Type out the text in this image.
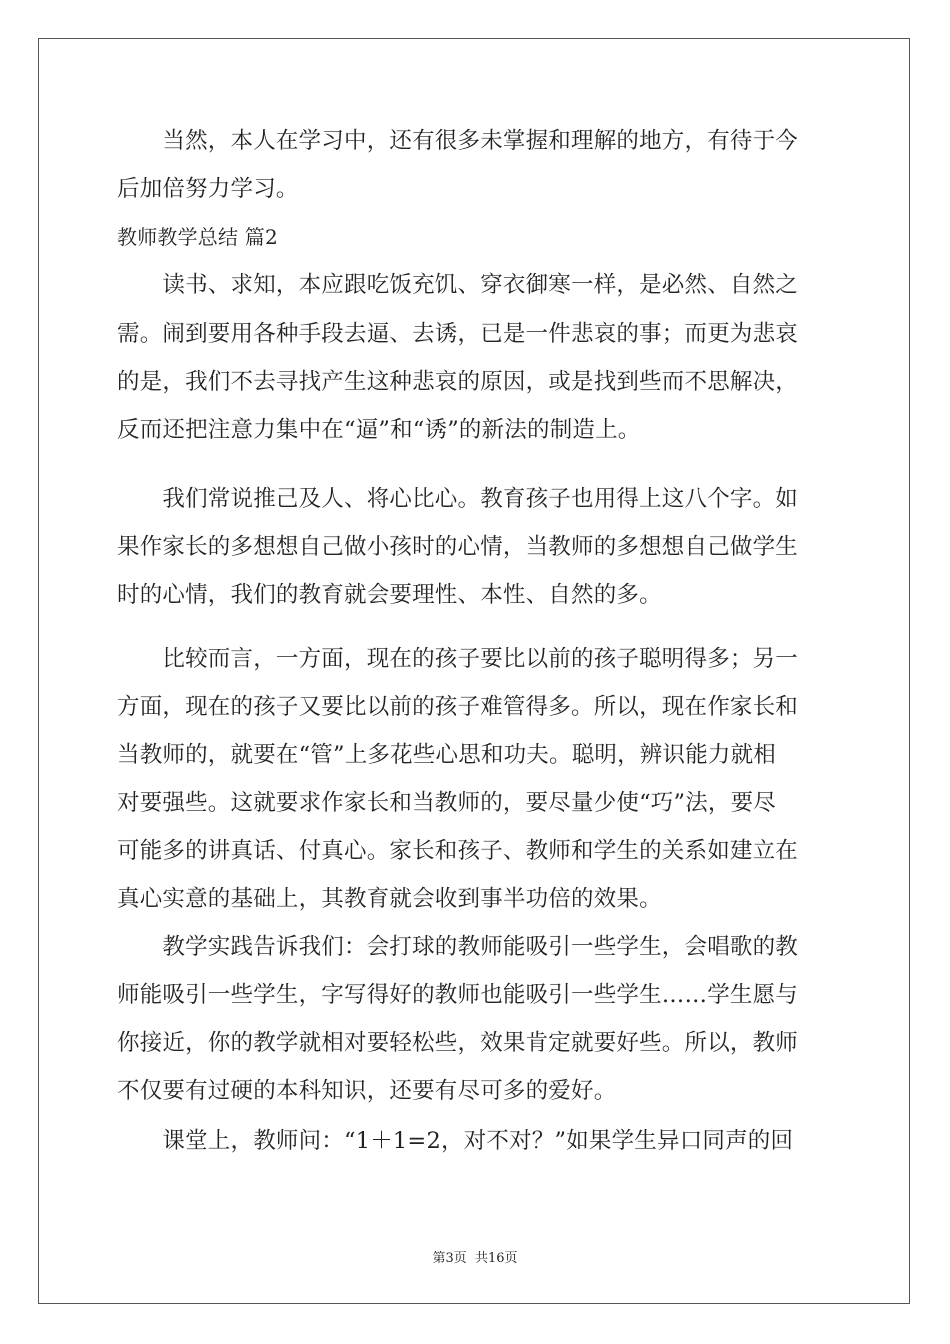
　　当然，本人在学习中，还有很多未掌握和理解的地方，有待于今
后加倍努力学习。
教师教学总结 篇2
　　读书、求知，本应跟吃饭充饥、穿衣御寒一样，是必然、自然之
需。闹到要用各种手段去逼、去诱，已是一件悲哀的事；而更为悲哀
的是，我们不去寻找产生这种悲哀的原因，或是找到些而不思解决，
反而还把注意力集中在“逼”和“诱”的新法的制造上。
　　我们常说推己及人、将心比心。教育孩子也用得上这八个字。如
果作家长的多想想自己做小孩时的心情，当教师的多想想自己做学生
时的心情，我们的教育就会要理性、本性、自然的多。
　　比较而言，一方面，现在的孩子要比以前的孩子聪明得多；另一
方面，现在的孩子又要比以前的孩子难管得多。所以，现在作家长和
当教师的，就要在“管”上多花些心思和功夫。聪明，辨识能力就相
对要强些。这就要求作家长和当教师的，要尽量少使“巧”法，要尽
可能多的讲真话、付真心。家长和孩子、教师和学生的关系如建立在
真心实意的基础上，其教育就会收到事半功倍的效果。
　　教学实践告诉我们：会打球的教师能吸引一些学生，会唱歌的教
师能吸引一些学生，字写得好的教师也能吸引一些学生……学生愿与
你接近，你的教学就相对要轻松些，效果肯定就要好些。所以，教师
不仅要有过硬的本科知识，还要有尽可多的爱好。
　　课堂上，教师问：“1＋1=2，对不对？”如果学生异口同声的回
第3页 共16页
